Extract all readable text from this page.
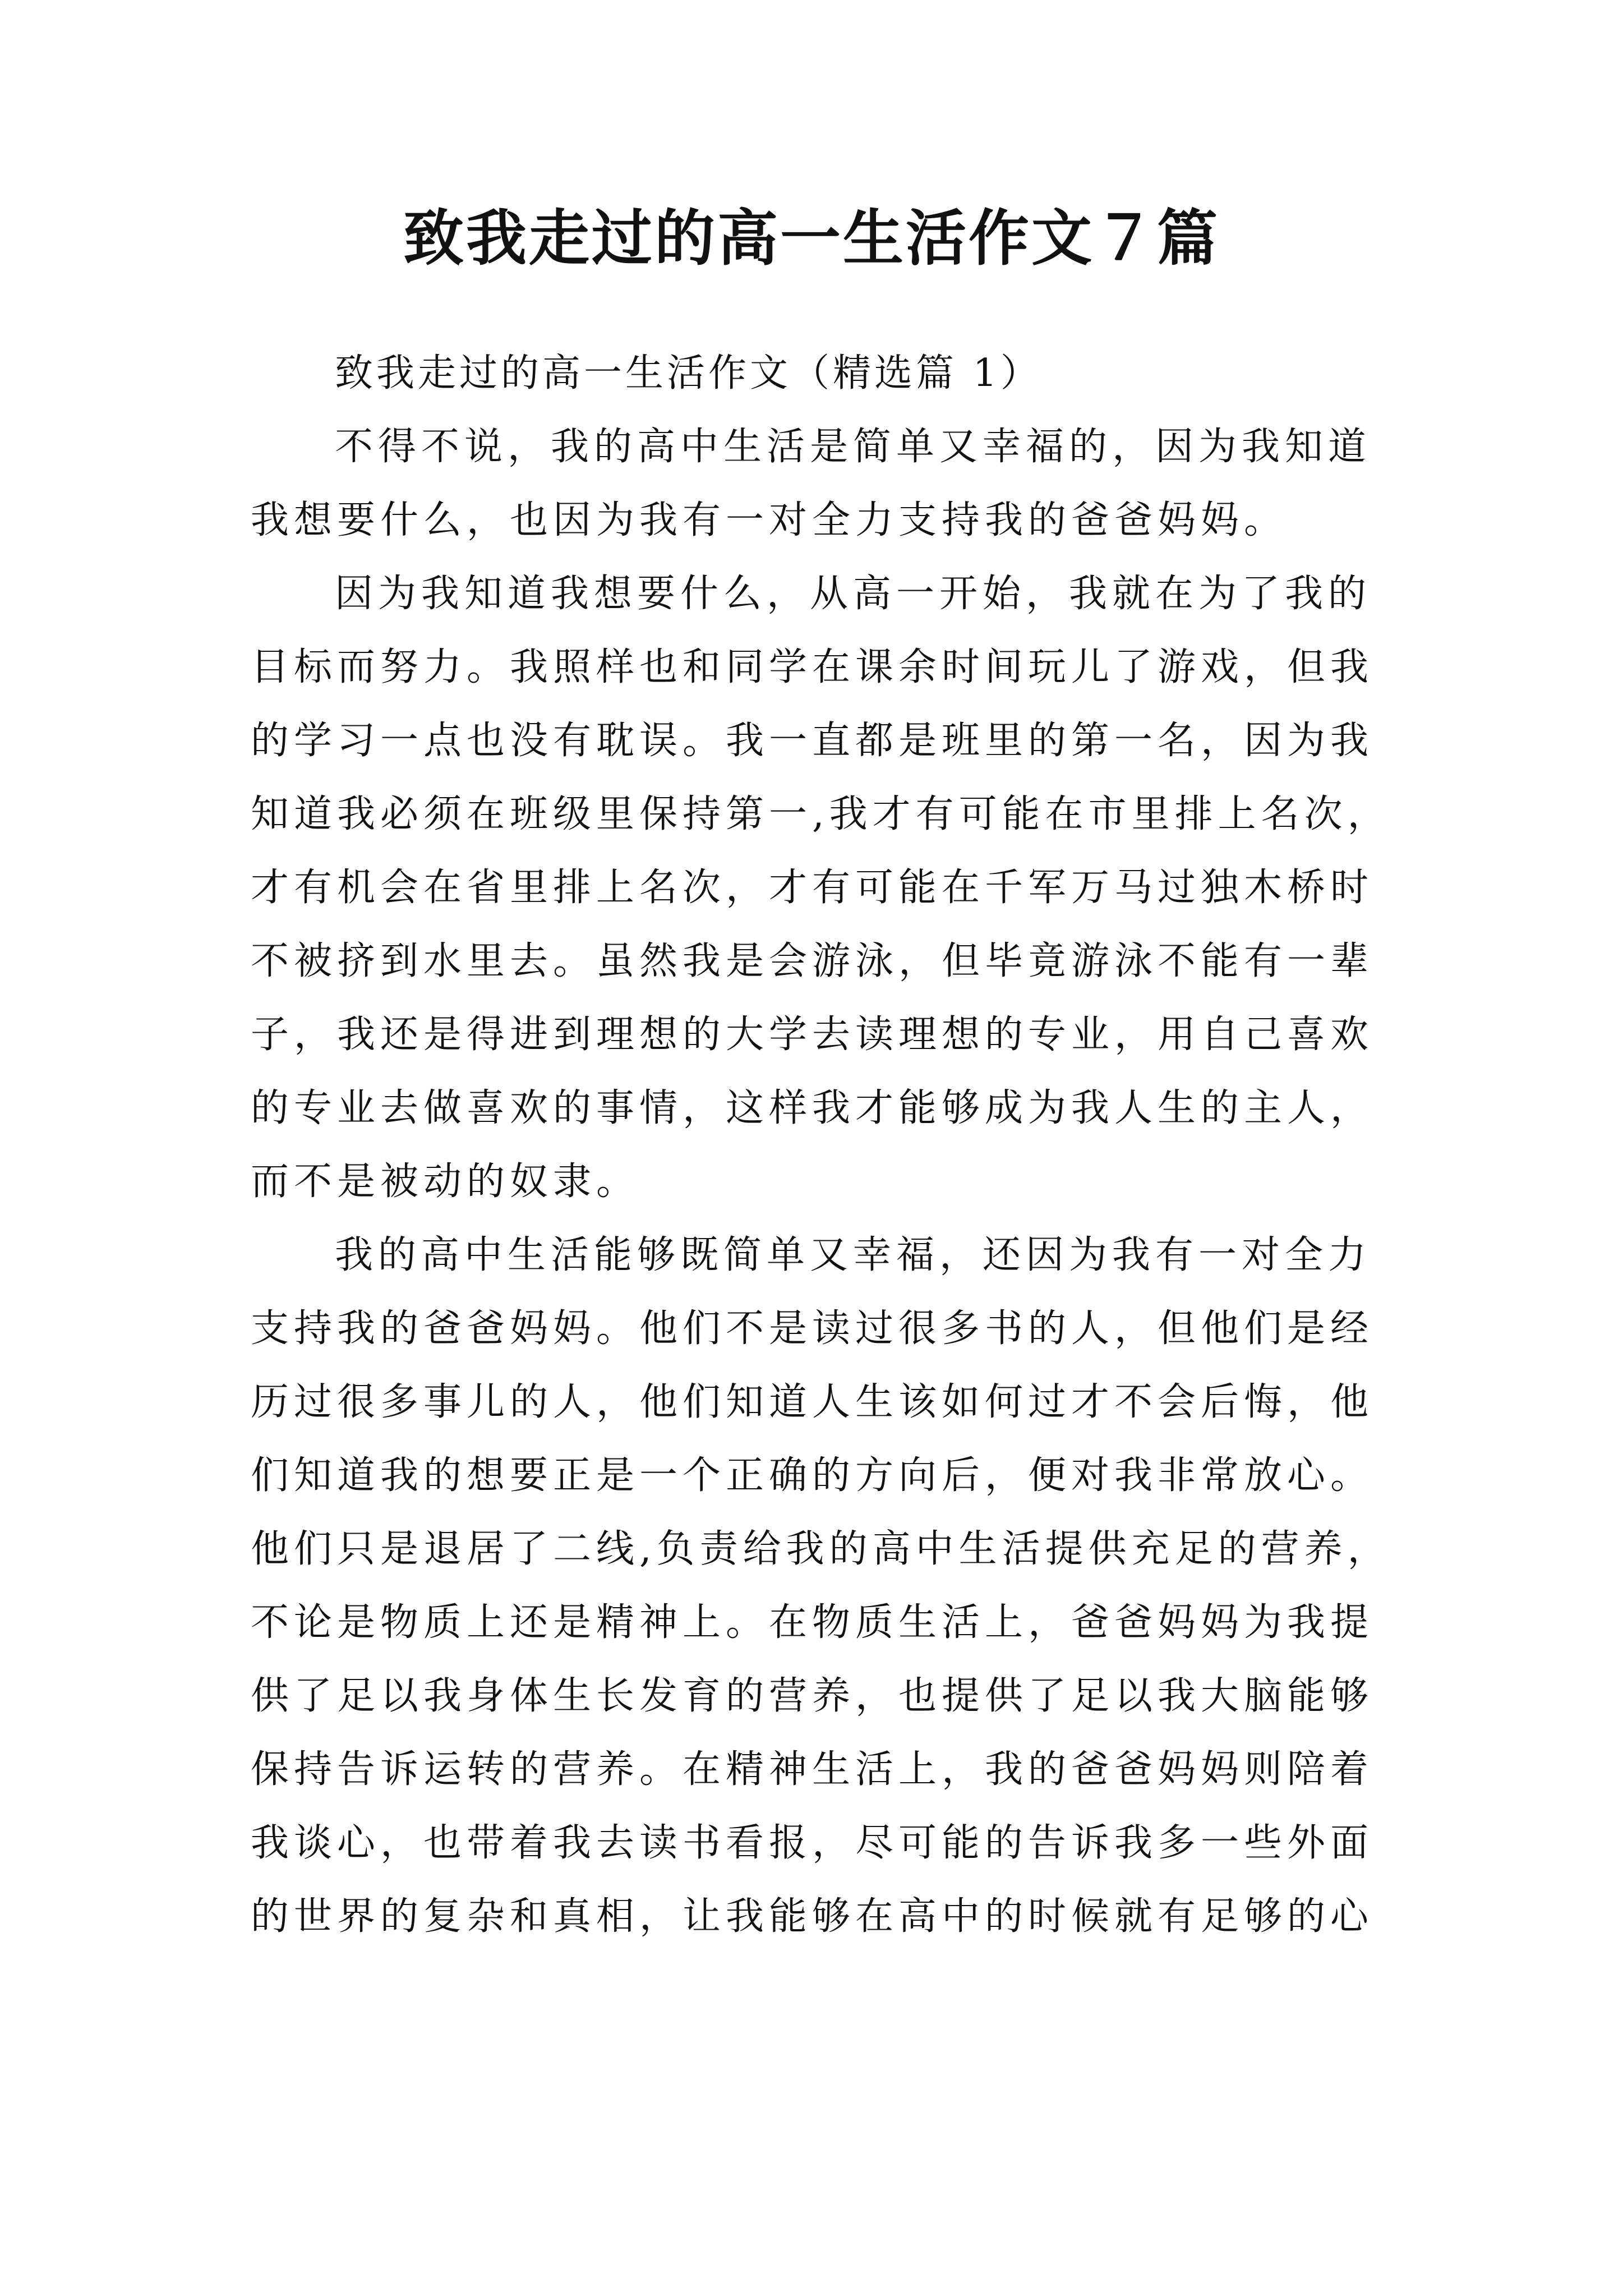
致我走过的高一生活作文７篇
致我走过的高一生活作文（精选篇 1）
不得不说，我的高中生活是简单又幸福的，因为我知道
我想要什么，也因为我有一对全力支持我的爸爸妈妈。
因为我知道我想要什么，从高一开始，我就在为了我的
目标而努力。我照样也和同学在课余时间玩儿了游戏，但我
的学习一点也没有耽误。我一直都是班里的第一名，因为我
知道我必须在班级里保持第一,我才有可能在市里排上名次，
才有机会在省里排上名次，才有可能在千军万马过独木桥时
不被挤到水里去。虽然我是会游泳，但毕竟游泳不能有一辈
子，我还是得进到理想的大学去读理想的专业，用自己喜欢
的专业去做喜欢的事情，这样我才能够成为我人生的主人，
而不是被动的奴隶。
我的高中生活能够既简单又幸福，还因为我有一对全力
支持我的爸爸妈妈。他们不是读过很多书的人，但他们是经
历过很多事儿的人，他们知道人生该如何过才不会后悔，他
们知道我的想要正是一个正确的方向后，便对我非常放心。
他们只是退居了二线,负责给我的高中生活提供充足的营养，
不论是物质上还是精神上。在物质生活上，爸爸妈妈为我提
供了足以我身体生长发育的营养，也提供了足以我大脑能够
保持告诉运转的营养。在精神生活上，我的爸爸妈妈则陪着
我谈心，也带着我去读书看报，尽可能的告诉我多一些外面
的世界的复杂和真相，让我能够在高中的时候就有足够的心
